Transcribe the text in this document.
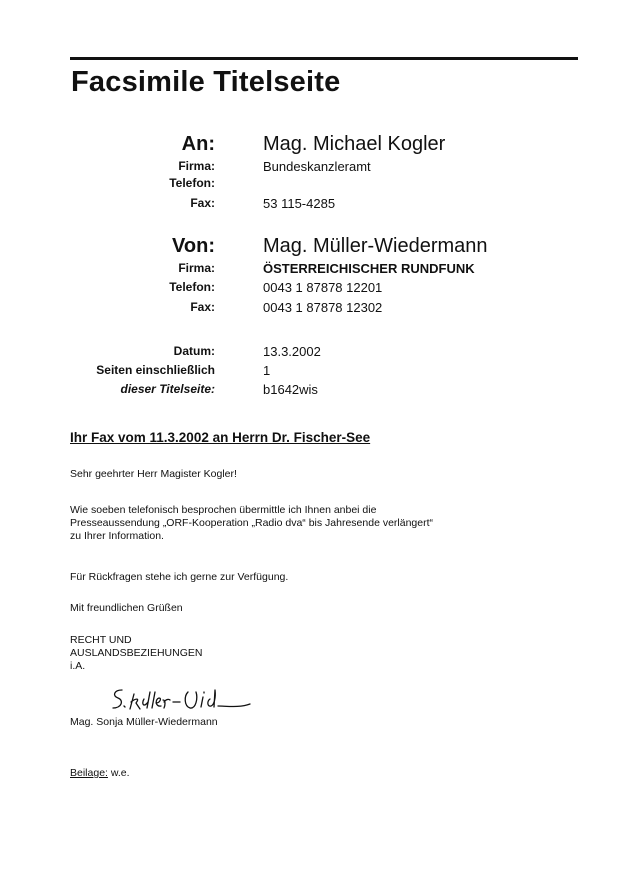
Facsimile Titelseite
An: Mag. Michael Kogler
Firma:	Bundeskanzleramt
Telefon:
Fax:	53 115-4285
Von: Mag. Müller-Wiedermann
Firma:	ÖSTERREICHISCHER RUNDFUNK
Telefon:	0043 1 87878 12201
Fax:	0043 1 87878 12302
Datum:	13.3.2002
Seiten einschließlich	1
dieser Titelseite:	b1642wis
Ihr Fax vom 11.3.2002 an Herrn Dr. Fischer-See
Sehr geehrter Herr Magister Kogler!
Wie soeben telefonisch besprochen übermittle ich Ihnen anbei die
Presseaussendung „ORF-Kooperation „Radio dva“ bis Jahresende verlängert“
zu Ihrer Information.
Für Rückfragen stehe ich gerne zur Verfügung.
Mit freundlichen Grüßen
RECHT UND
AUSLANDSBEZIEHUNGEN
i.A.
Mag. Sonja Müller-Wiedermann
Beilage: w.e.
